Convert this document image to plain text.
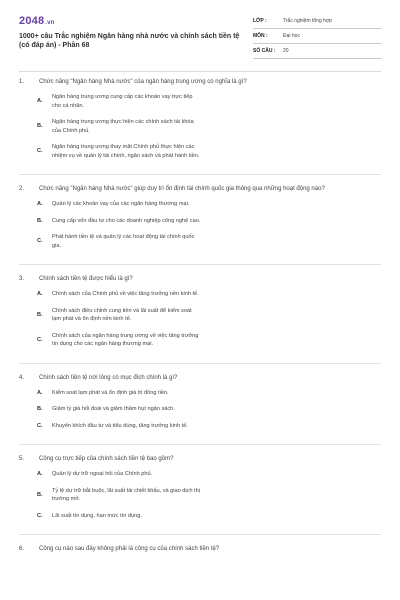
2048.vn
1000+ câu Trắc nghiệm Ngân hàng nhà nước và chính sách tiền tệ (có đáp án) - Phần 68
LỚP :	Trắc nghiệm tổng hợp
MÔN :	Đại học
SỐ CÂU :	20
1.	Chức năng "Ngân hàng Nhà nước" của ngân hàng trung ương có nghĩa là gì?
A.
Ngân hàng trung ương cung cấp các khoản vay trực tiếp cho cá nhân.
B.
Ngân hàng trung ương thực hiện các chính sách tài khóa của Chính phủ.
C.
Ngân hàng trung ương thay mặt Chính phủ thực hiện các nhiệm vụ về quản lý tài chính, ngân sách và phát hành tiền.
2.	Chức năng "Ngân hàng Nhà nước" giúp duy trì ổn định tài chính quốc gia thông qua những hoạt động nào?
A.	Quản lý các khoản vay của các ngân hàng thương mại.
B.	Cung cấp vốn đầu tư cho các doanh nghiệp công nghệ cao.
C.
Phát hành tiền tệ và quản lý các hoạt động tài chính quốc gia.
3.	Chính sách tiền tệ được hiểu là gì?
A.	Chính sách của Chính phủ về việc tăng trưởng nền kinh tế.
B.
Chính sách điều chỉnh cung tiền và lãi suất để kiểm soát lạm phát và ổn định nền kinh tế.
C.
Chính sách của ngân hàng trung ương về việc tăng trưởng tín dụng cho các ngân hàng thương mại.
4.	Chính sách tiền tệ nới lỏng có mục đích chính là gì?
A.	Kiểm soát lạm phát và ổn định giá trị đồng tiền.
B.	Giảm tỷ giá hối đoái và giảm thâm hụt ngân sách.
C.	Khuyến khích đầu tư và tiêu dùng, tăng trưởng kinh tế.
5.	Công cụ trực tiếp của chính sách tiền tệ bao gồm?
A.	Quản lý dự trữ ngoại hối của Chính phủ.
B.
Tỷ lệ dự trữ bắt buộc, lãi suất tái chiết khấu, và giao dịch thị trường mở.
C.	Lãi suất tín dụng, hạn mức tín dụng.
6.	Công cụ nào sau đây không phải là công cụ của chính sách tiền tệ?
